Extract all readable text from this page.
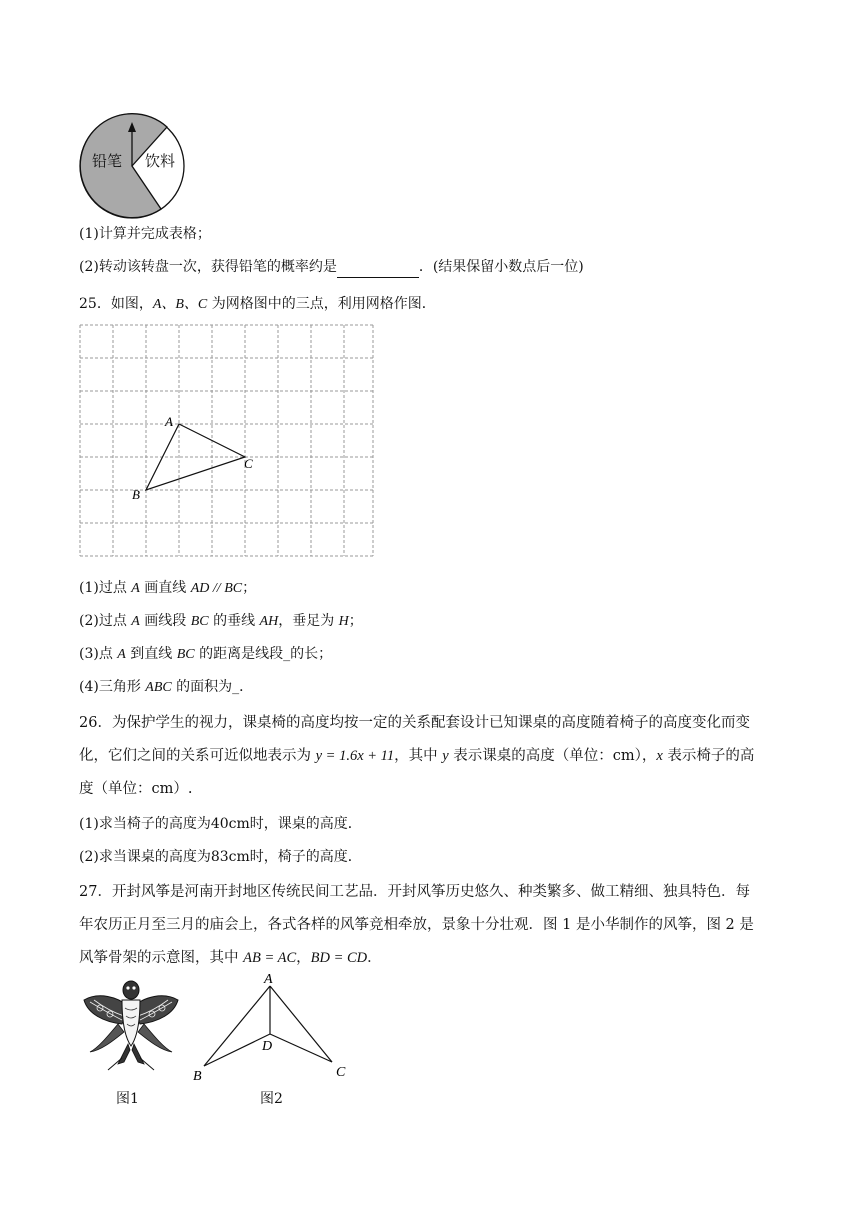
铅笔 饮料
(1)计算并完成表格；
(2)转动该转盘一次，获得铅笔的概率约是	．(结果保留小数点后一位)
25．如图，A、B、C 为网格图中的三点，利用网格作图．
A
B
C
(1)过点 A 画直线 AD // BC；
(2)过点 A 画线段 BC 的垂线 AH，垂足为 H；
(3)点 A 到直线 BC 的距离是线段_的长；
(4)三角形 ABC 的面积为_．
26．为保护学生的视力，课桌椅的高度均按一定的关系配套设计已知课桌的高度随着椅子的高度变化而变
化，它们之间的关系可近似地表示为 y = 1.6x + 11，其中 y 表示课桌的高度（单位：cm），x 表示椅子的高
度（单位：cm）.
(1)求当椅子的高度为40cm时，课桌的高度．
(2)求当课桌的高度为83cm时，椅子的高度．
27．开封风筝是河南开封地区传统民间工艺品．开封风筝历史悠久、种类繁多、做工精细、独具特色．每
年农历正月至三月的庙会上，各式各样的风筝竞相牵放，景象十分壮观．图 1 是小华制作的风筝，图 2 是
风筝骨架的示意图，其中 AB = AC，BD = CD．
A
D
B	C
图1	图2
